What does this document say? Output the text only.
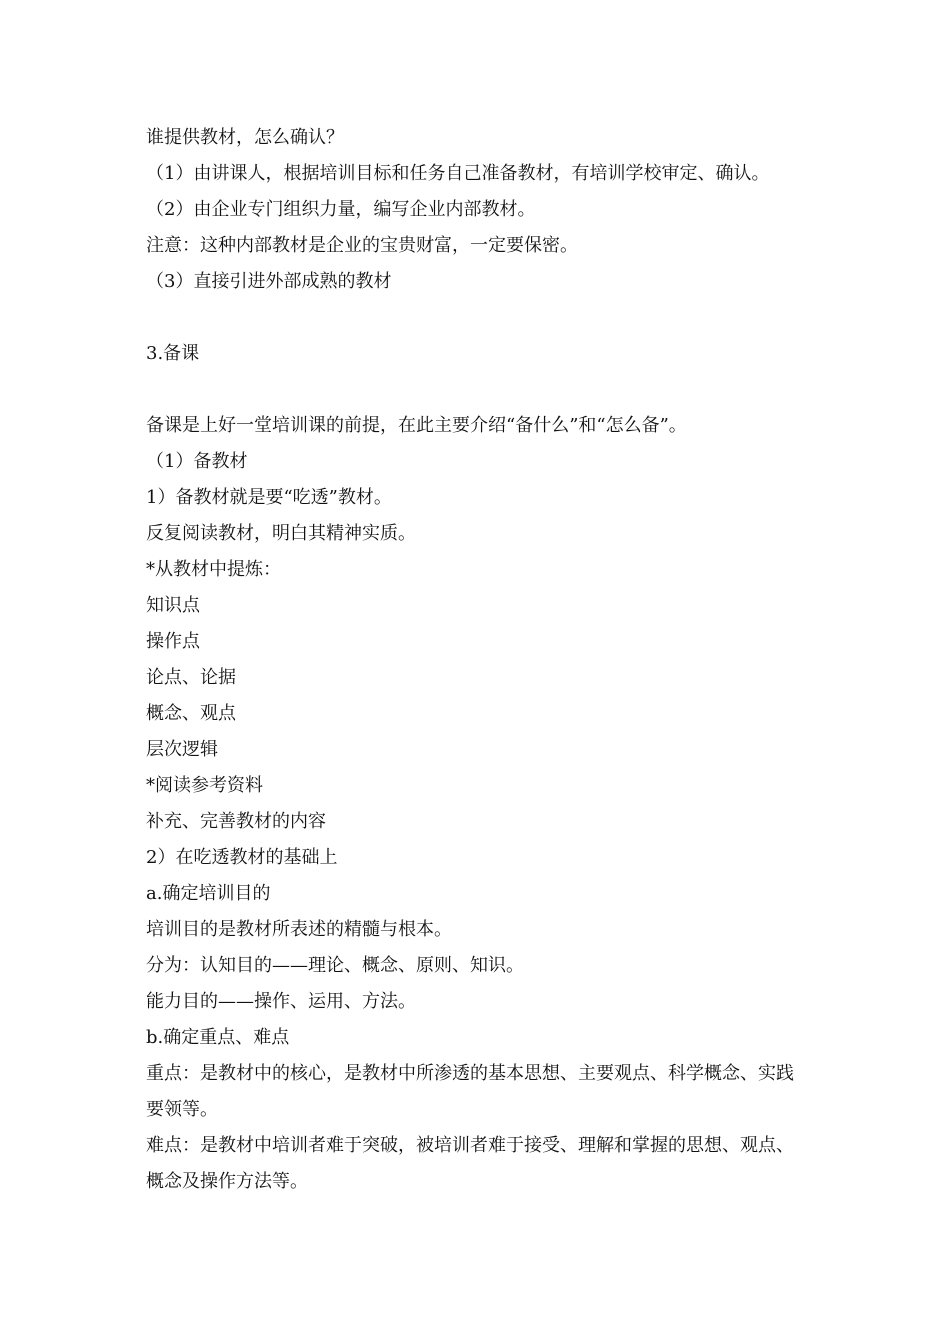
谁提供教材，怎么确认？
（1）由讲课人，根据培训目标和任务自己准备教材，有培训学校审定、确认。
（2）由企业专门组织力量，编写企业内部教材。
注意：这种内部教材是企业的宝贵财富，一定要保密。
（3）直接引进外部成熟的教材
3.备课
备课是上好一堂培训课的前提，在此主要介绍“备什么”和“怎么备”。
（1）备教材
1）备教材就是要“吃透”教材。
反复阅读教材，明白其精神实质。
*从教材中提炼：
知识点
操作点
论点、论据
概念、观点
层次逻辑
*阅读参考资料
补充、完善教材的内容
2）在吃透教材的基础上
a.确定培训目的
培训目的是教材所表述的精髓与根本。
分为：认知目的——理论、概念、原则、知识。
能力目的——操作、运用、方法。
b.确定重点、难点
重点：是教材中的核心，是教材中所渗透的基本思想、主要观点、科学概念、实践要领等。
难点：是教材中培训者难于突破，被培训者难于接受、理解和掌握的思想、观点、概念及操作方法等。
